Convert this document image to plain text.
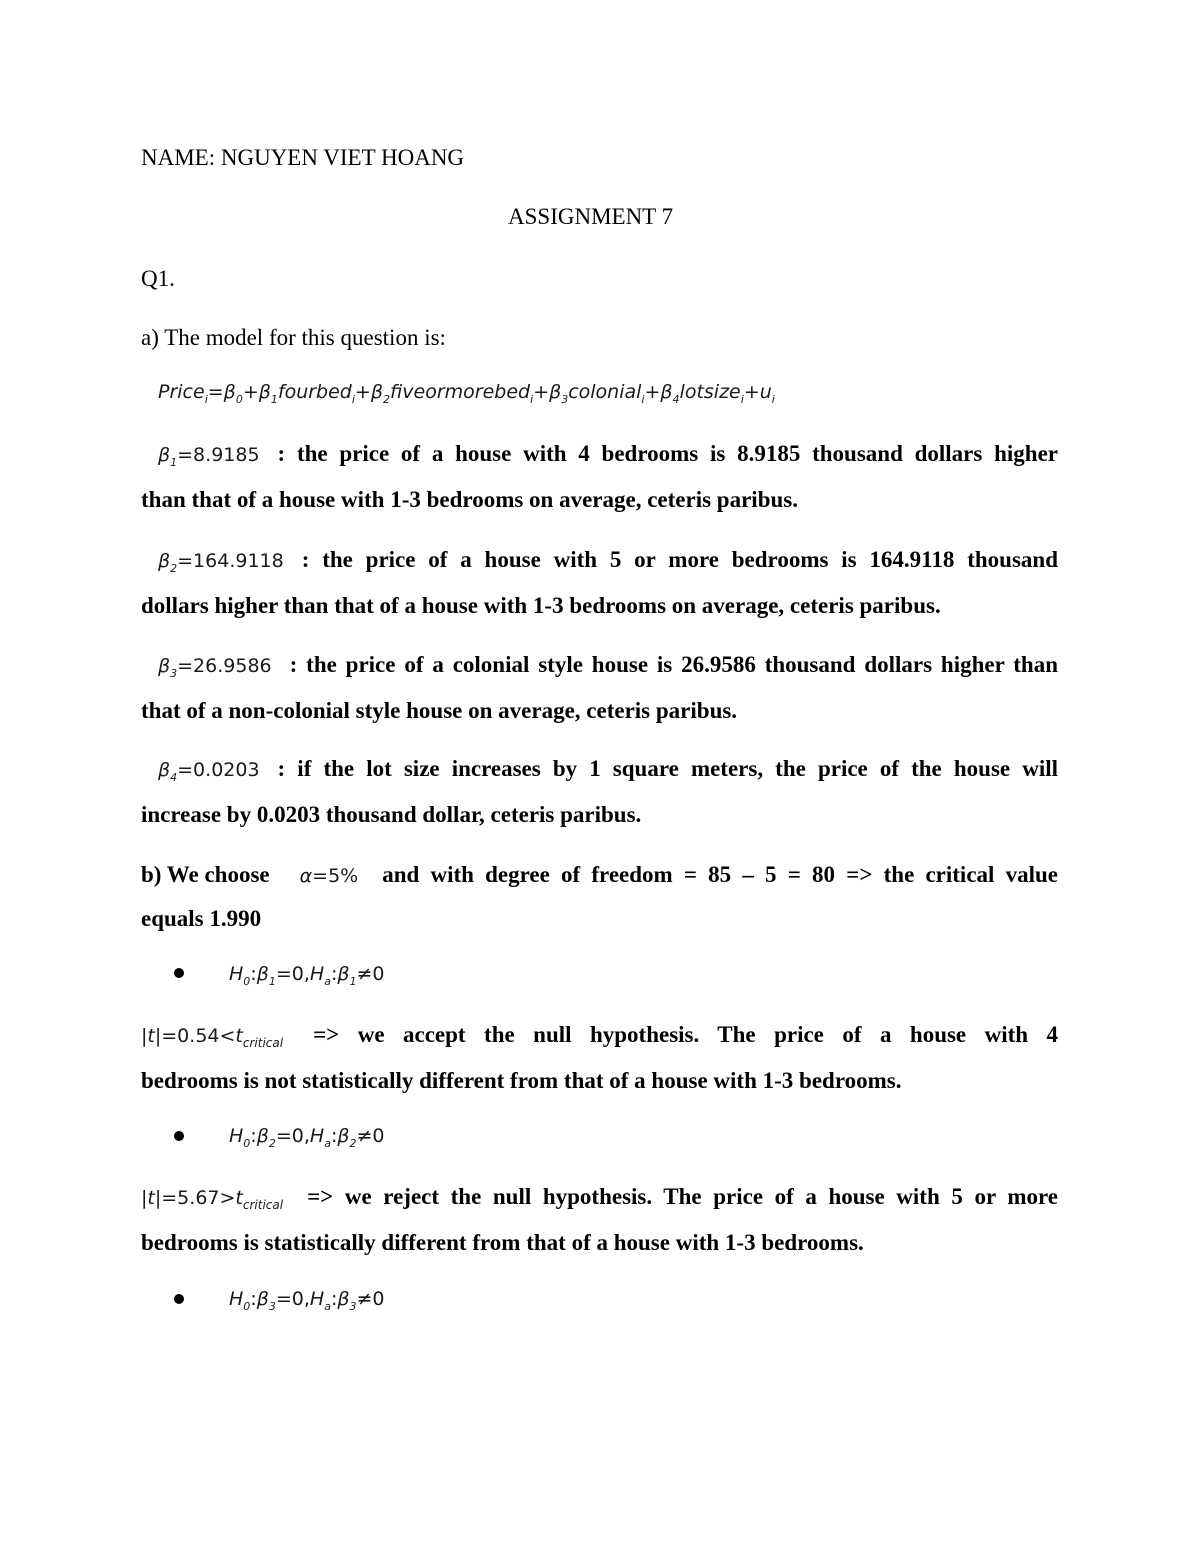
NAME: NGUYEN VIET HOANG
ASSIGNMENT 7
Q1.
a) The model for this question is:
$Price_i=\beta_0+\beta_1fourbed_i+\beta_2fiveormorebed_i+\beta_3colonial_i+\beta_4lotsize_i+u_i$
$\beta_1=8.9185$ : the price of a house with 4 bedrooms is 8.9185 thousand dollars higher
than that of a house with 1-3 bedrooms on average, ceteris paribus.
$\beta_2=164.9118$ : the price of a house with 5 or more bedrooms is 164.9118 thousand
dollars higher than that of a house with 1-3 bedrooms on average, ceteris paribus.
$\beta_3=26.9586$ : the price of a colonial style house is 26.9586 thousand dollars higher than
that of a non-colonial style house on average, ceteris paribus.
$\beta_4=0.0203$ : if the lot size increases by 1 square meters, the price of the house will
increase by 0.0203 thousand dollar, ceteris paribus.
b) We choose α=5% and with degree of freedom = 85 – 5 = 80 => the critical value
equals 1.990
$H_0:\beta_1=0,H_a:\beta_1\ne 0$
$|t|=0.54<t_{critical}$ => we accept the null hypothesis. The price of a house with 4
bedrooms is not statistically different from that of a house with 1-3 bedrooms.
$H_0:\beta_2=0,H_a:\beta_2\ne 0$
$|t|=5.67>t_{critical}$ => we reject the null hypothesis. The price of a house with 5 or more
bedrooms is statistically different from that of a house with 1-3 bedrooms.
$H_0:\beta_3=0,H_a:\beta_3\ne 0$
